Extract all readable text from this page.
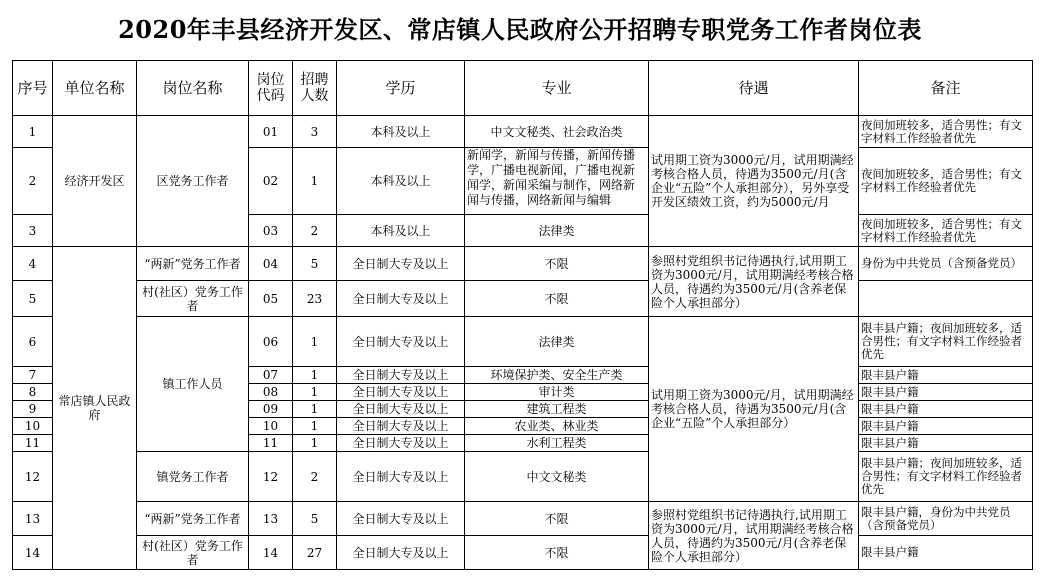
2020年丰县经济开发区、常店镇人民政府公开招聘专职党务工作者岗位表
序号	单位名称	岗位名称	岗位代码	招聘人数	学历	专业	待遇	备注
1	经济开发区	区党务工作者	01	3	本科及以上	中文文秘类、社会政治类	试用期工资为3000元/月，试用期满经考核合格人员，待遇为3500元/月(含企业“五险”个人承担部分），另外享受开发区绩效工资，约为5000元/月	夜间加班较多，适合男性；有文字材料工作经验者优先
2			02	1	本科及以上	新闻学，新闻与传播，新闻传播学，广播电视新闻，广播电视新闻学，新闻采编与制作，网络新闻与传播，网络新闻与编辑		夜间加班较多，适合男性；有文字材料工作经验者优先
3			03	2	本科及以上	法律类		夜间加班较多，适合男性；有文字材料工作经验者优先
4	常店镇人民政府	“两新”党务工作者	04	5	全日制大专及以上	不限	参照村党组织书记待遇执行,试用期工资为3000元/月，试用期满经考核合格人员，待遇约为3500元/月(含养老保险个人承担部分）	身份为中共党员（含预备党员）
5		村(社区）党务工作者	05	23	全日制大专及以上	不限		
6		镇工作人员	06	1	全日制大专及以上	法律类	试用期工资为3000元/月，试用期满经考核合格人员，待遇为3500元/月(含企业“五险”个人承担部分）	限丰县户籍；夜间加班较多，适合男性；有文字材料工作经验者优先
7			07	1	全日制大专及以上	环境保护类、安全生产类		限丰县户籍
8			08	1	全日制大专及以上	审计类		限丰县户籍
9			09	1	全日制大专及以上	建筑工程类		限丰县户籍
10			10	1	全日制大专及以上	农业类、林业类		限丰县户籍
11			11	1	全日制大专及以上	水利工程类		限丰县户籍
12		镇党务工作者	12	2	全日制大专及以上	中文文秘类		限丰县户籍；夜间加班较多，适合男性；有文字材料工作经验者优先
13		“两新”党务工作者	13	5	全日制大专及以上	不限	参照村党组织书记待遇执行,试用期工资为3000元/月，试用期满经考核合格人员，待遇约为3500元/月(含养老保险个人承担部分）	限丰县户籍，身份为中共党员（含预备党员）
14		村(社区）党务工作者	14	27	全日制大专及以上	不限		限丰县户籍
